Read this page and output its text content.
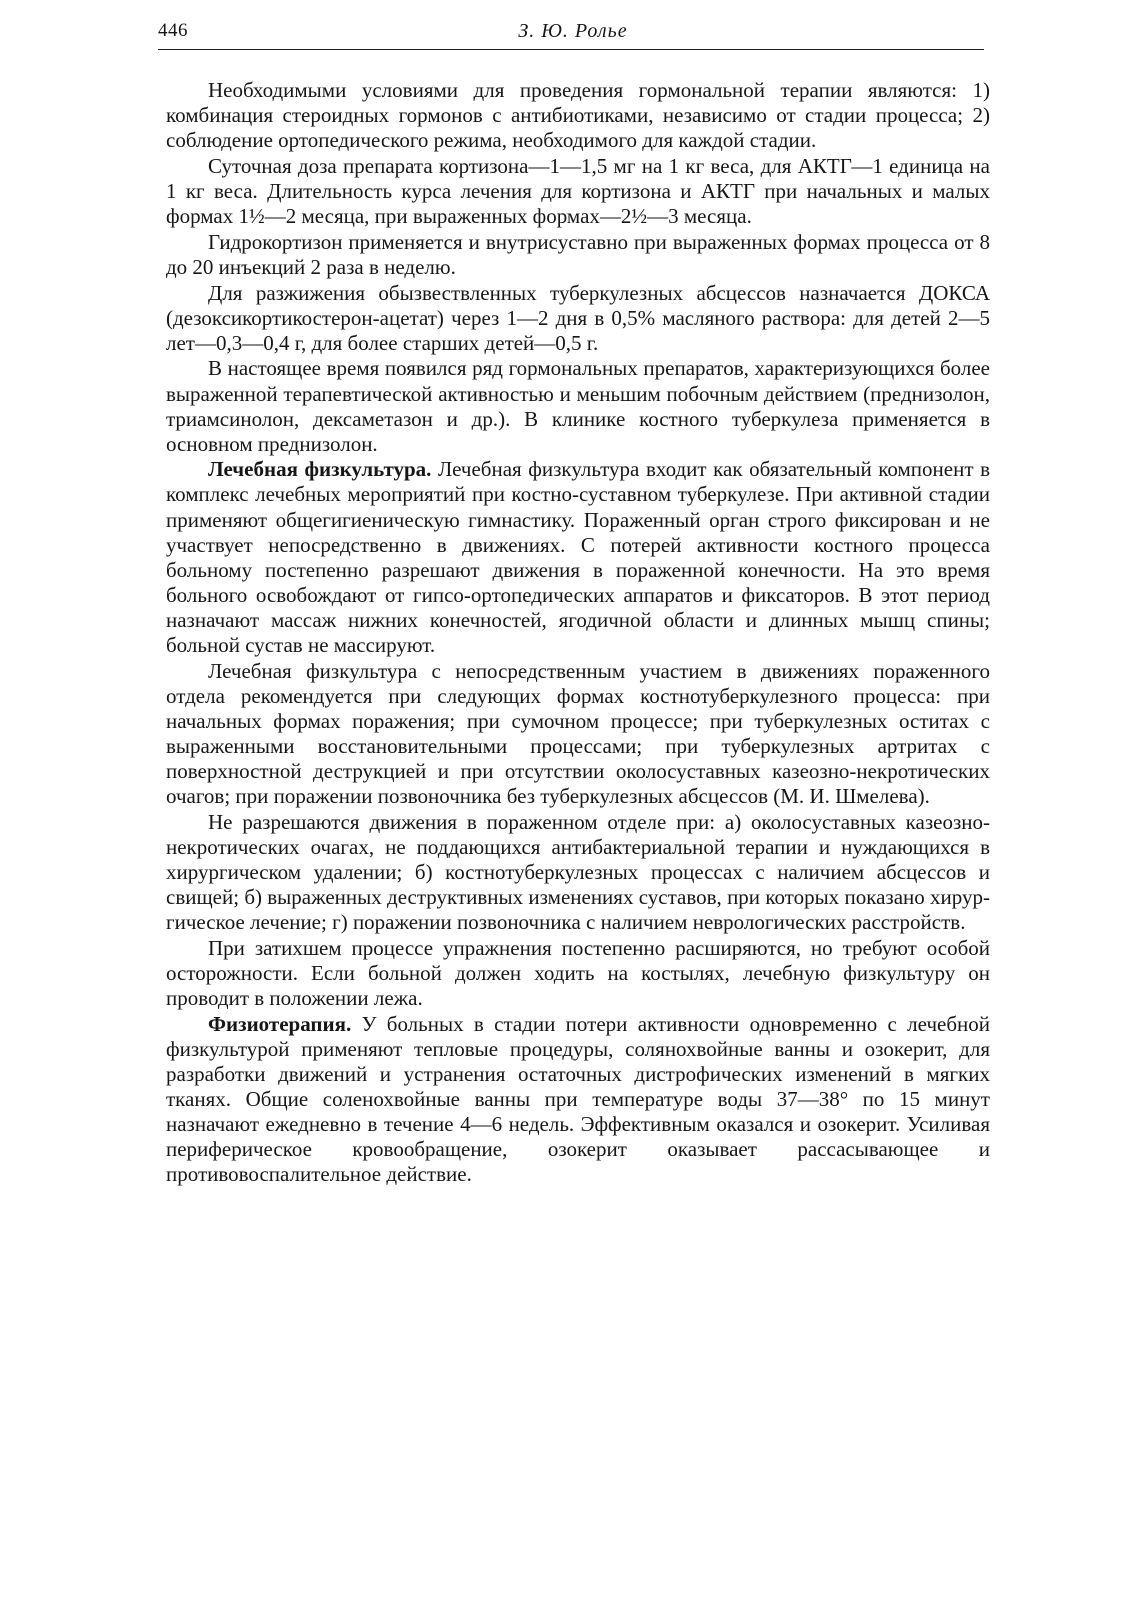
446	З. Ю. Ролье

Необходимыми условиями для проведения гормональной терапии являются: 1) комбинация стероидных гормонов с антибиотиками, независимо от стадии процесса; 2) соблюдение ортопедического режима, необходимого для каждой стадии.

Суточная доза препарата кортизона—1—1,5 мг на 1 кг веса, для АКТГ—1 единица на 1 кг веса. Длительность курса лечения для кортизона и АКТГ при начальных и малых формах 1½—2 месяца, при выраженных формах—2½—3 месяца.

Гидрокортизон применяется и внутрисуставно при выраженных формах процесса от 8 до 20 инъекций 2 раза в неделю.

Для разжижения обызвествленных туберкулезных абсцессов назначается ДОКСА (дезоксикортикостерон-ацетат) через 1—2 дня в 0,5% масляного раствора: для детей 2—5 лет—0,3—0,4 г, для более старших детей—0,5 г.

В настоящее время появился ряд гормональных препаратов, характеризующихся более выраженной терапевтической активностью и меньшим побочным действием (преднизолон, триамсинолон, дексаметазон и др.). В клинике костного туберкулеза применяется в основном преднизолон.

Лечебная физкультура. Лечебная физкультура входит как обязательный компонент в комплекс лечебных мероприятий при костно-суставном туберкулезе. При активной стадии применяют общегигиеническую гимнастику. Пораженный орган строго фиксирован и не участвует непосредственно в движениях. С потерей активности костного процесса больному постепенно разрешают движения в пораженной конечности. На это время больного освобождают от гипсо-ортопедических аппаратов и фиксаторов. В этот период назначают массаж нижних конечностей, ягодичной области и длинных мышц спины; больной сустав не массируют.

Лечебная физкультура с непосредственным участием в движениях пораженного отдела рекомендуется при следующих формах костнотуберкулезного процесса: при начальных формах поражения; при сумочном процессе; при туберкулезных оститах с выраженными восстановительными процессами; при туберкулезных артритах с поверхностной деструкцией и при отсутствии околосуставных казеозно-некротических очагов; при поражении позвоночника без туберкулезных абсцессов (М. И. Шмелева).

Не разрешаются движения в пораженном отделе при: а) околосуставных казеозно-некротических очагах, не поддающихся антибактериальной терапии и нуждающихся в хирургическом удалении; б) костнотуберкулезных процессах с наличием абсцессов и свищей; б) выраженных деструктивных изменениях суставов, при которых показано хирургическое лечение; г) поражении позвоночника с наличием неврологических расстройств.

При затихшем процессе упражнения постепенно расширяются, но требуют особой осторожности. Если больной должен ходить на костылях, лечебную физкультуру он проводит в положении лежа.

Физиотерапия. У больных в стадии потери активности одновременно с лечебной физкультурой применяют тепловые процедуры, солянохвойные ванны и озокерит, для разработки движений и устранения остаточных дистрофических изменений в мягких тканях. Общие соленохвойные ванны при температуре воды 37—38° по 15 минут назначают ежедневно в течение 4—6 недель. Эффективным оказался и озокерит. Усиливая периферическое кровообращение, озокерит оказывает рассасывающее и противовоспалительное действие.
